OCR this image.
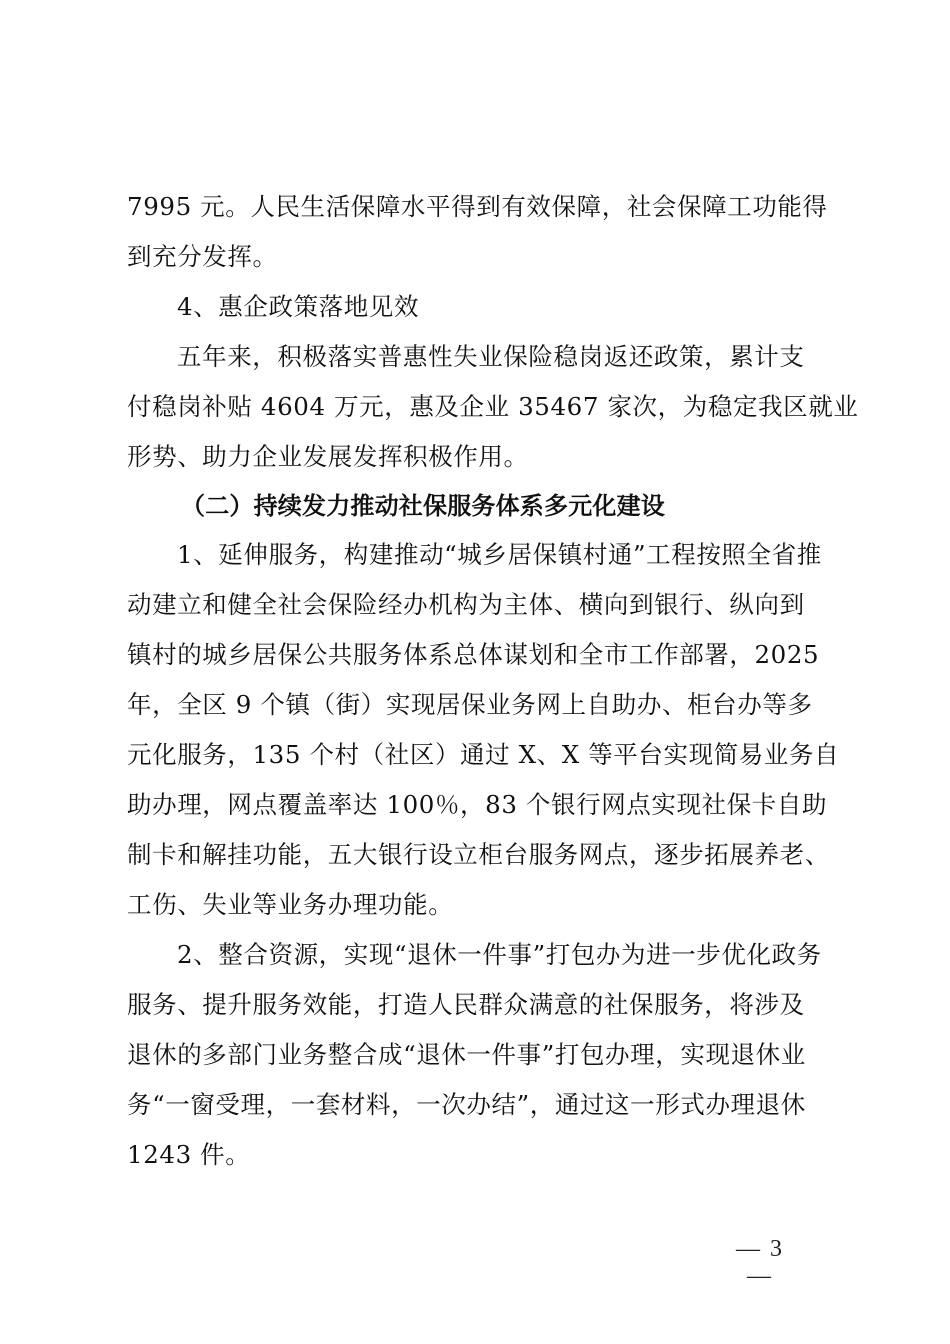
7995 元。人民生活保障水平得到有效保障，社会保障工功能得
到充分发挥。
4、惠企政策落地见效
五年来，积极落实普惠性失业保险稳岗返还政策，累计支
付稳岗补贴 4604 万元，惠及企业 35467 家次，为稳定我区就业
形势、助力企业发展发挥积极作用。
（二）持续发力推动社保服务体系多元化建设
1、延伸服务，构建推动“城乡居保镇村通”工程按照全省推
动建立和健全社会保险经办机构为主体、横向到银行、纵向到
镇村的城乡居保公共服务体系总体谋划和全市工作部署，2025
年，全区 9 个镇（街）实现居保业务网上自助办、柜台办等多
元化服务，135 个村（社区）通过 X、X 等平台实现简易业务自
助办理，网点覆盖率达 100％，83 个银行网点实现社保卡自助
制卡和解挂功能，五大银行设立柜台服务网点，逐步拓展养老、
工伤、失业等业务办理功能。
2、整合资源，实现“退休一件事”打包办为进一步优化政务
服务、提升服务效能，打造人民群众满意的社保服务，将涉及
退休的多部门业务整合成“退休一件事”打包办理，实现退休业
务“一窗受理，一套材料，一次办结”，通过这一形式办理退休
1243 件。
— 3 —
